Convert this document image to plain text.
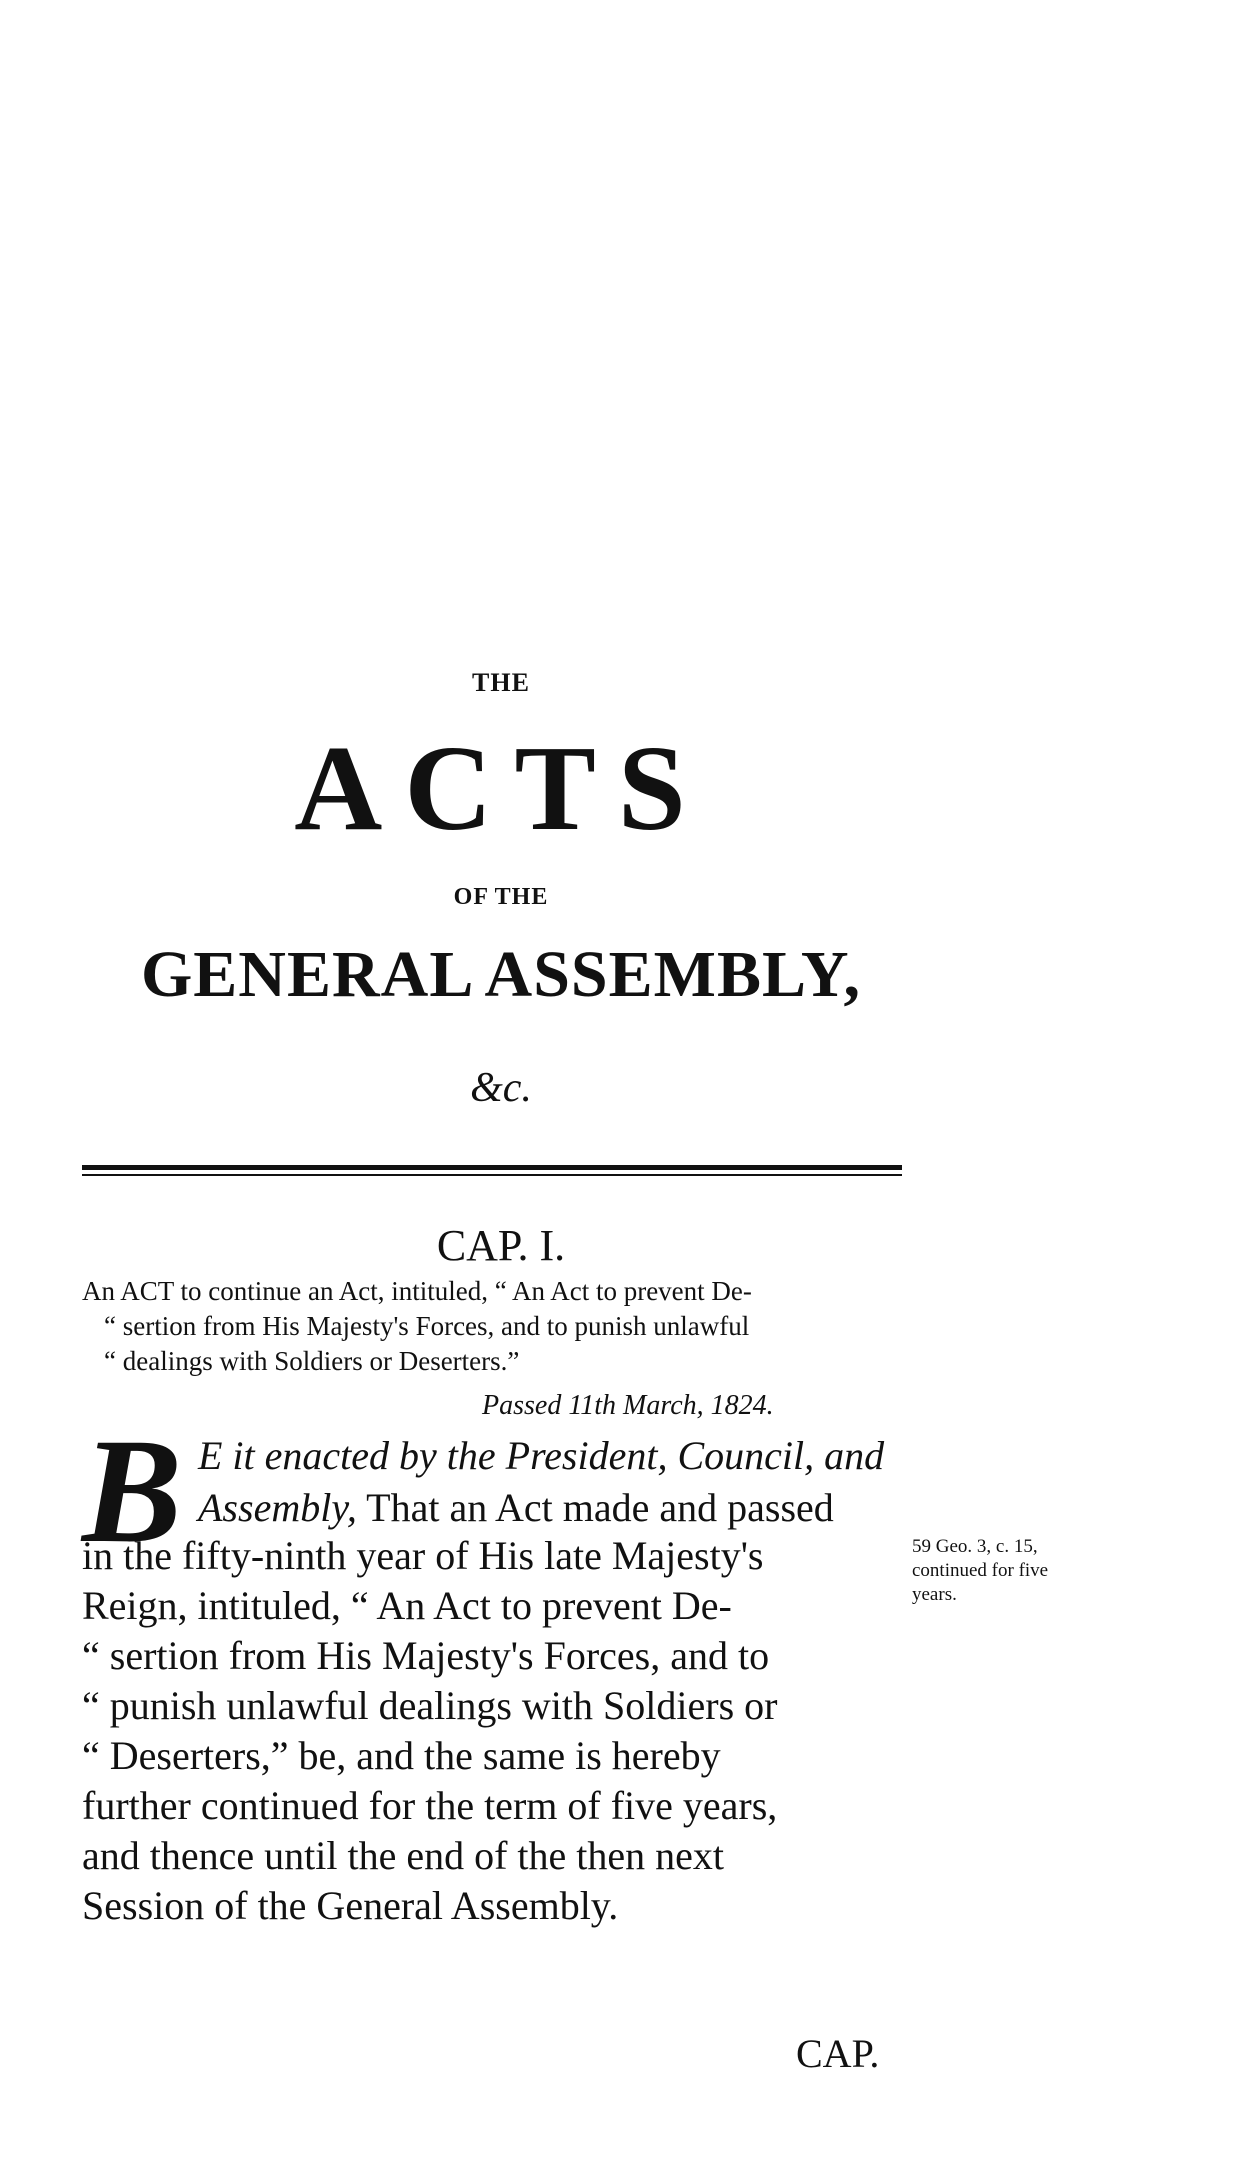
THE
ACTS
OF THE
GENERAL ASSEMBLY,
&c.
CAP. I.
An ACT to continue an Act, intituled, “ An Act to prevent De-
“ sertion from His Majesty's Forces, and to punish unlawful
“ dealings with Soldiers or Deserters.”
Passed 11th March, 1824.
B E it enacted by the President, Council, and
Assembly, That an Act made and passed
in the fifty-ninth year of His late Majesty's
Reign, intituled, “ An Act to prevent De-
“ sertion from His Majesty's Forces, and to
“ punish unlawful dealings with Soldiers or
“ Deserters,” be, and the same is hereby
further continued for the term of five years,
and thence until the end of the then next
Session of the General Assembly.
59 Geo. 3, c. 15,
continued for five
years.
CAP.
